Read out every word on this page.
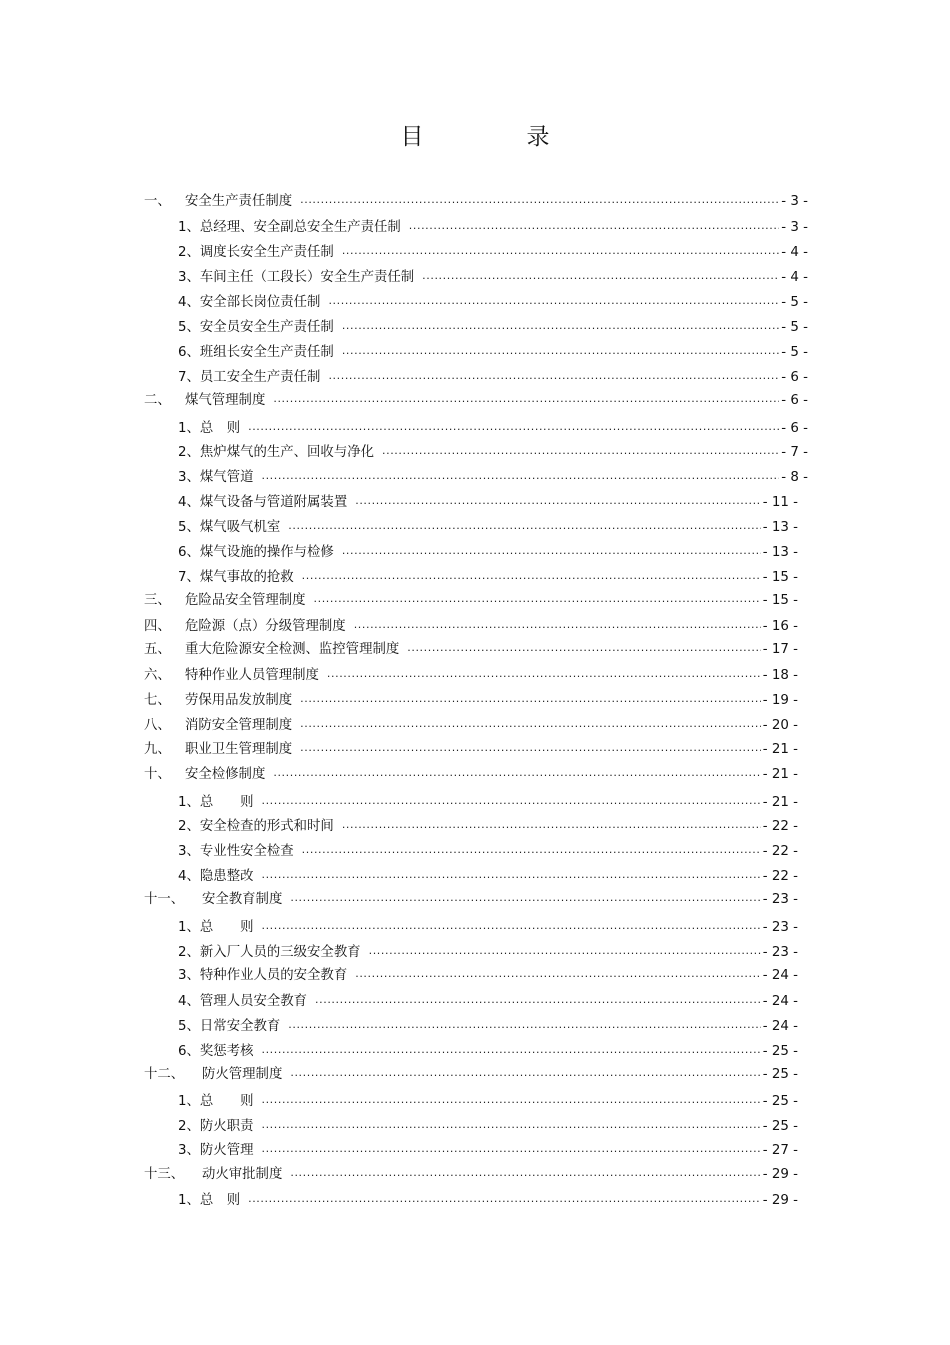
目　录
一、	安全生产责任制度 .....	- 3 -
1、 总经理、安全副总安全生产责任制 .....	- 3 -
2、 调度长安全生产责任制 .....	- 4 -
3、 车间主任（工段长）安全生产责任制 .....	- 4 -
4、 安全部长岗位责任制 .....	- 5 -
5、 安全员安全生产责任制 .....	- 5 -
6、 班组长安全生产责任制 .....	- 5 -
7、 员工安全生产责任制 .....	- 6 -
二、	煤气管理制度 .....	- 6 -
1、 总　则 .....	- 6 -
2、 焦炉煤气的生产、回收与净化 .....	- 7 -
3、 煤气管道 .....	- 8 -
4、 煤气设备与管道附属装置 .....	- 11 -
5、 煤气吸气机室 .....	- 13 -
6、 煤气设施的操作与检修 .....	- 13 -
7、 煤气事故的抢救 .....	- 15 -
三、	危险品安全管理制度 .....	- 15 -
四、	危险源（点）分级管理制度 .....	- 16 -
五、	重大危险源安全检测、监控管理制度 .....	- 17 -
六、	特种作业人员管理制度 .....	- 18 -
七、	劳保用品发放制度 .....	- 19 -
八、	消防安全管理制度 .....	- 20 -
九、	职业卫生管理制度 .....	- 21 -
十、	安全检修制度 .....	- 21 -
1、 总　　则 .....	- 21 -
2、 安全检查的形式和时间 .....	- 22 -
3、 专业性安全检查 .....	- 22 -
4、 隐患整改 .....	- 22 -
十一、	安全教育制度 .....	- 23 -
1、 总　　则 .....	- 23 -
2、 新入厂人员的三级安全教育 .....	- 23 -
3、 特种作业人员的安全教育 .....	- 24 -
4、 管理人员安全教育 .....	- 24 -
5、 日常安全教育 .....	- 24 -
6、 奖惩考核 .....	- 25 -
十二、	防火管理制度 .....	- 25 -
1、 总　　则 .....	- 25 -
2、 防火职责 .....	- 25 -
3、 防火管理 .....	- 27 -
十三、	动火审批制度 .....	- 29 -
1、 总　则 .....	- 29 -
